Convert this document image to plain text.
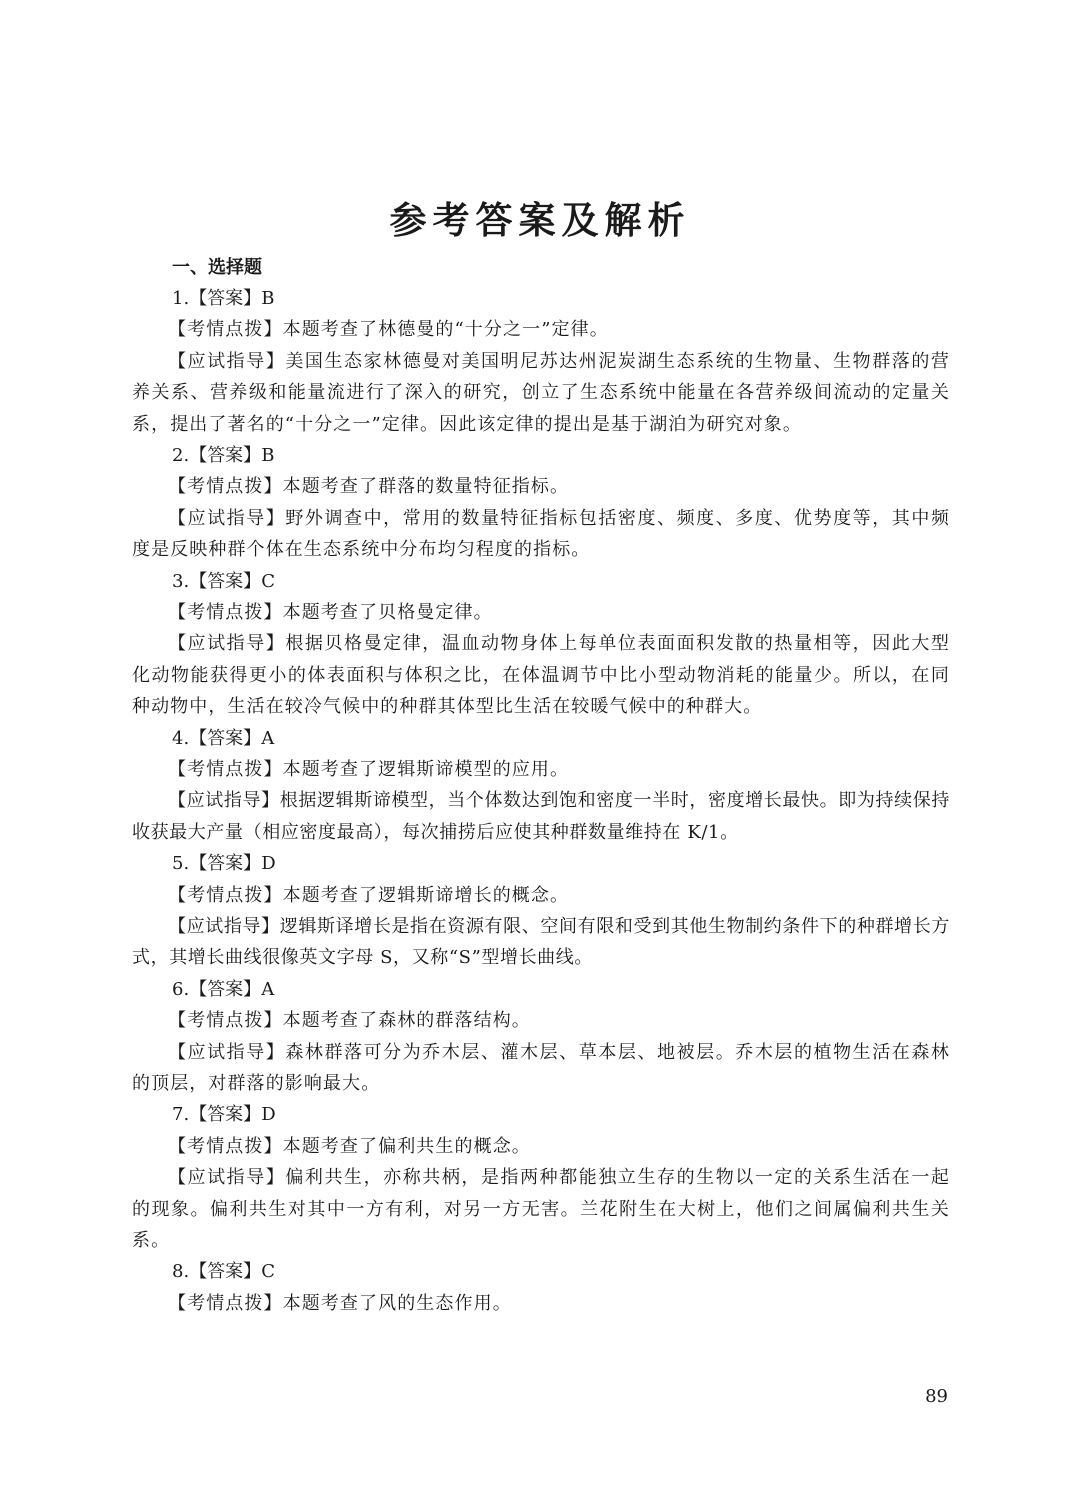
参考答案及解析
一、选择题

1.【答案】B

【考情点拨】本题考查了林德曼的“十分之一”定律。

【应试指导】美国生态家林德曼对美国明尼苏达州泥炭湖生态系统的生物量、生物群落的营养关系、营养级和能量流进行了深入的研究，创立了生态系统中能量在各营养级间流动的定量关系，提出了著名的“十分之一”定律。因此该定律的提出是基于湖泊为研究对象。

2.【答案】B

【考情点拨】本题考查了群落的数量特征指标。

【应试指导】野外调查中，常用的数量特征指标包括密度、频度、多度、优势度等，其中频度是反映种群个体在生态系统中分布均匀程度的指标。

3.【答案】C

【考情点拨】本题考查了贝格曼定律。

【应试指导】根据贝格曼定律，温血动物身体上每单位表面面积发散的热量相等，因此大型化动物能获得更小的体表面积与体积之比，在体温调节中比小型动物消耗的能量少。所以，在同种动物中，生活在较冷气候中的种群其体型比生活在较暖气候中的种群大。

4.【答案】A

【考情点拨】本题考查了逻辑斯谛模型的应用。

【应试指导】根据逻辑斯谛模型，当个体数达到饱和密度一半时，密度增长最快。即为持续保持收获最大产量（相应密度最高），每次捕捞后应使其种群数量维持在 K/1。

5.【答案】D

【考情点拨】本题考查了逻辑斯谛增长的概念。

【应试指导】逻辑斯译增长是指在资源有限、空间有限和受到其他生物制约条件下的种群增长方式，其增长曲线很像英文字母 S，又称“S”型增长曲线。

6.【答案】A

【考情点拨】本题考查了森林的群落结构。

【应试指导】森林群落可分为乔木层、灌木层、草本层、地被层。乔木层的植物生活在森林的顶层，对群落的影响最大。

7.【答案】D

【考情点拨】本题考查了偏利共生的概念。

【应试指导】偏利共生，亦称共柄，是指两种都能独立生存的生物以一定的关系生活在一起的现象。偏利共生对其中一方有利，对另一方无害。兰花附生在大树上，他们之间属偏利共生关系。

8.【答案】C

【考情点拨】本题考查了风的生态作用。

89
